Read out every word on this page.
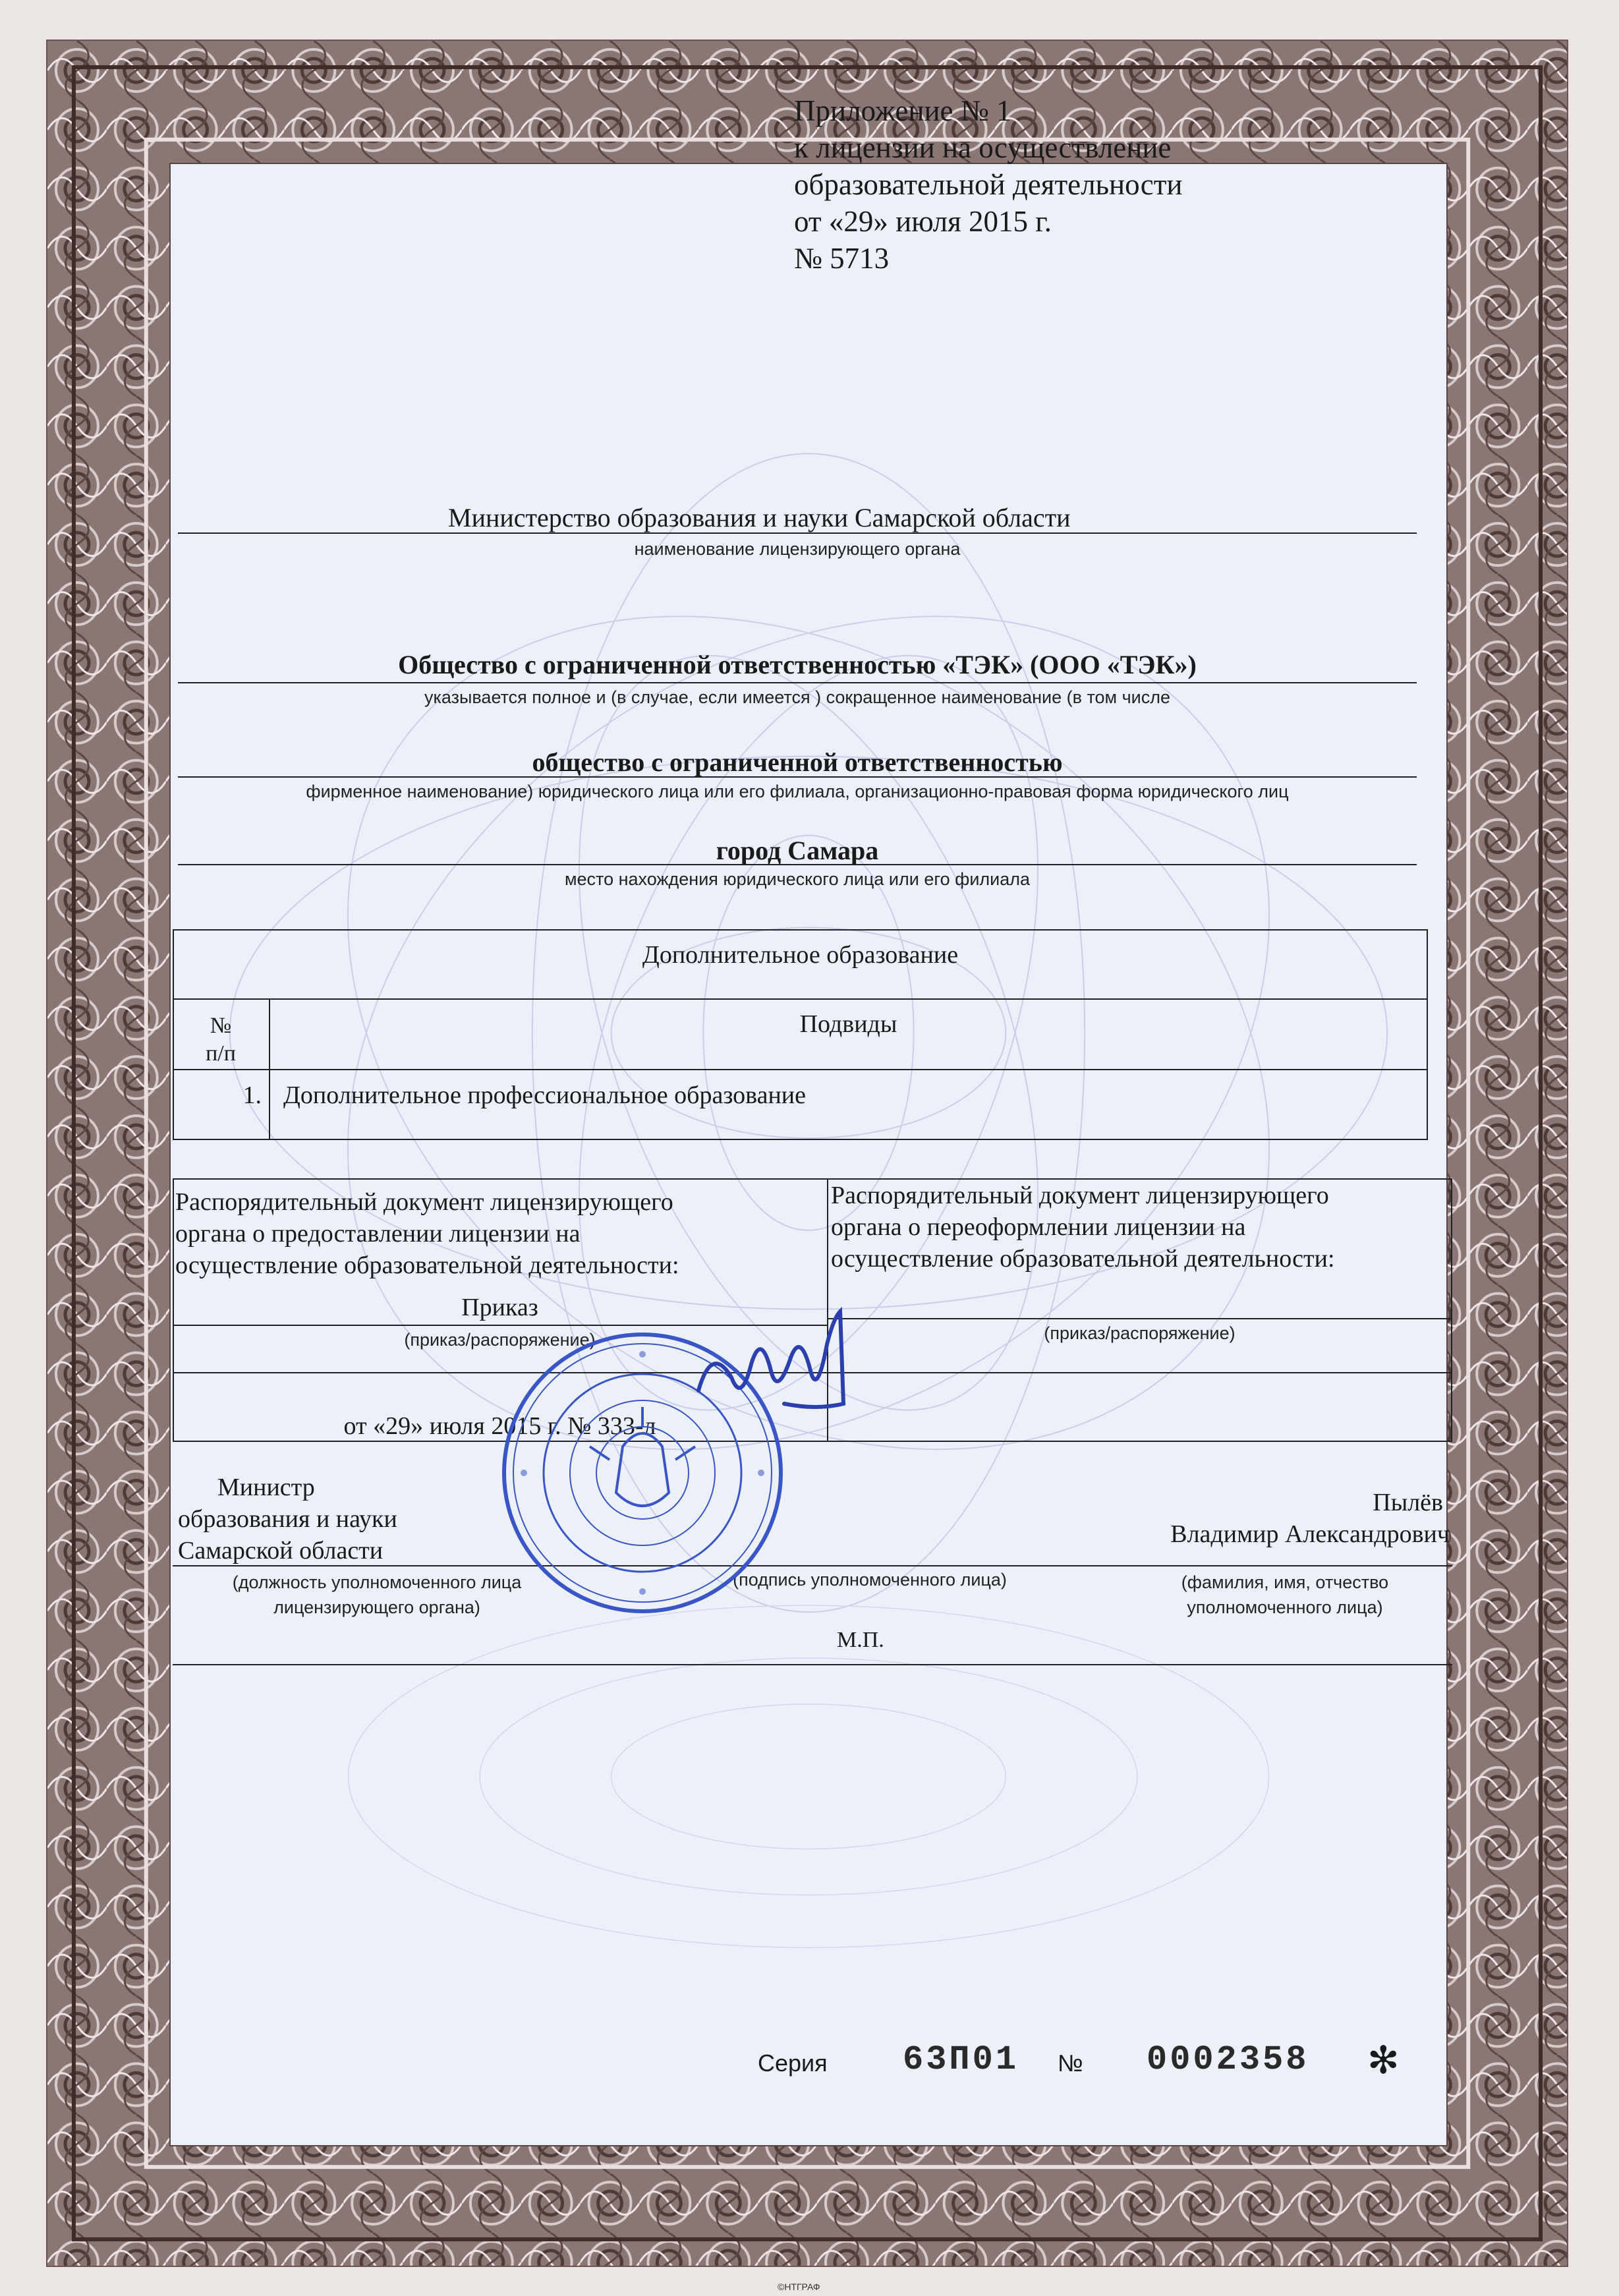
Приложение № 1
к лицензии на осуществление
образовательной деятельности
от «29» июля 2015 г.
№ 5713
Министерство образования и науки Самарской области
наименование лицензирующего органа
Общество с ограниченной ответственностью «ТЭК» (ООО «ТЭК»)
указывается полное и (в случае, если имеется ) сокращенное наименование (в том числе
общество с ограниченной ответственностью
фирменное наименование) юридического лица или его филиала, организационно-правовая форма юридического лиц
город Самара
место нахождения юридического лица или его филиала
Дополнительное образование
№
п/п
Подвиды
1. Дополнительное профессиональное образование
Распорядительный документ лицензирующего
органа о предоставлении лицензии на
осуществление образовательной деятельности:
Приказ
(приказ/распоряжение)
от «29» июля 2015 г. № 333-л
Распорядительный документ лицензирующего
органа о переоформлении лицензии на
осуществление образовательной деятельности:
(приказ/распоряжение)
Министр
образования и науки
Самарской области
(должность уполномоченного лица
лицензирующего органа)
(подпись уполномоченного лица)
Пылёв
Владимир Александрович
(фамилия, имя, отчество
уполномоченного лица)
М.П.
Серия 63П01 № 0002358 ✻
©НТГРАФ
